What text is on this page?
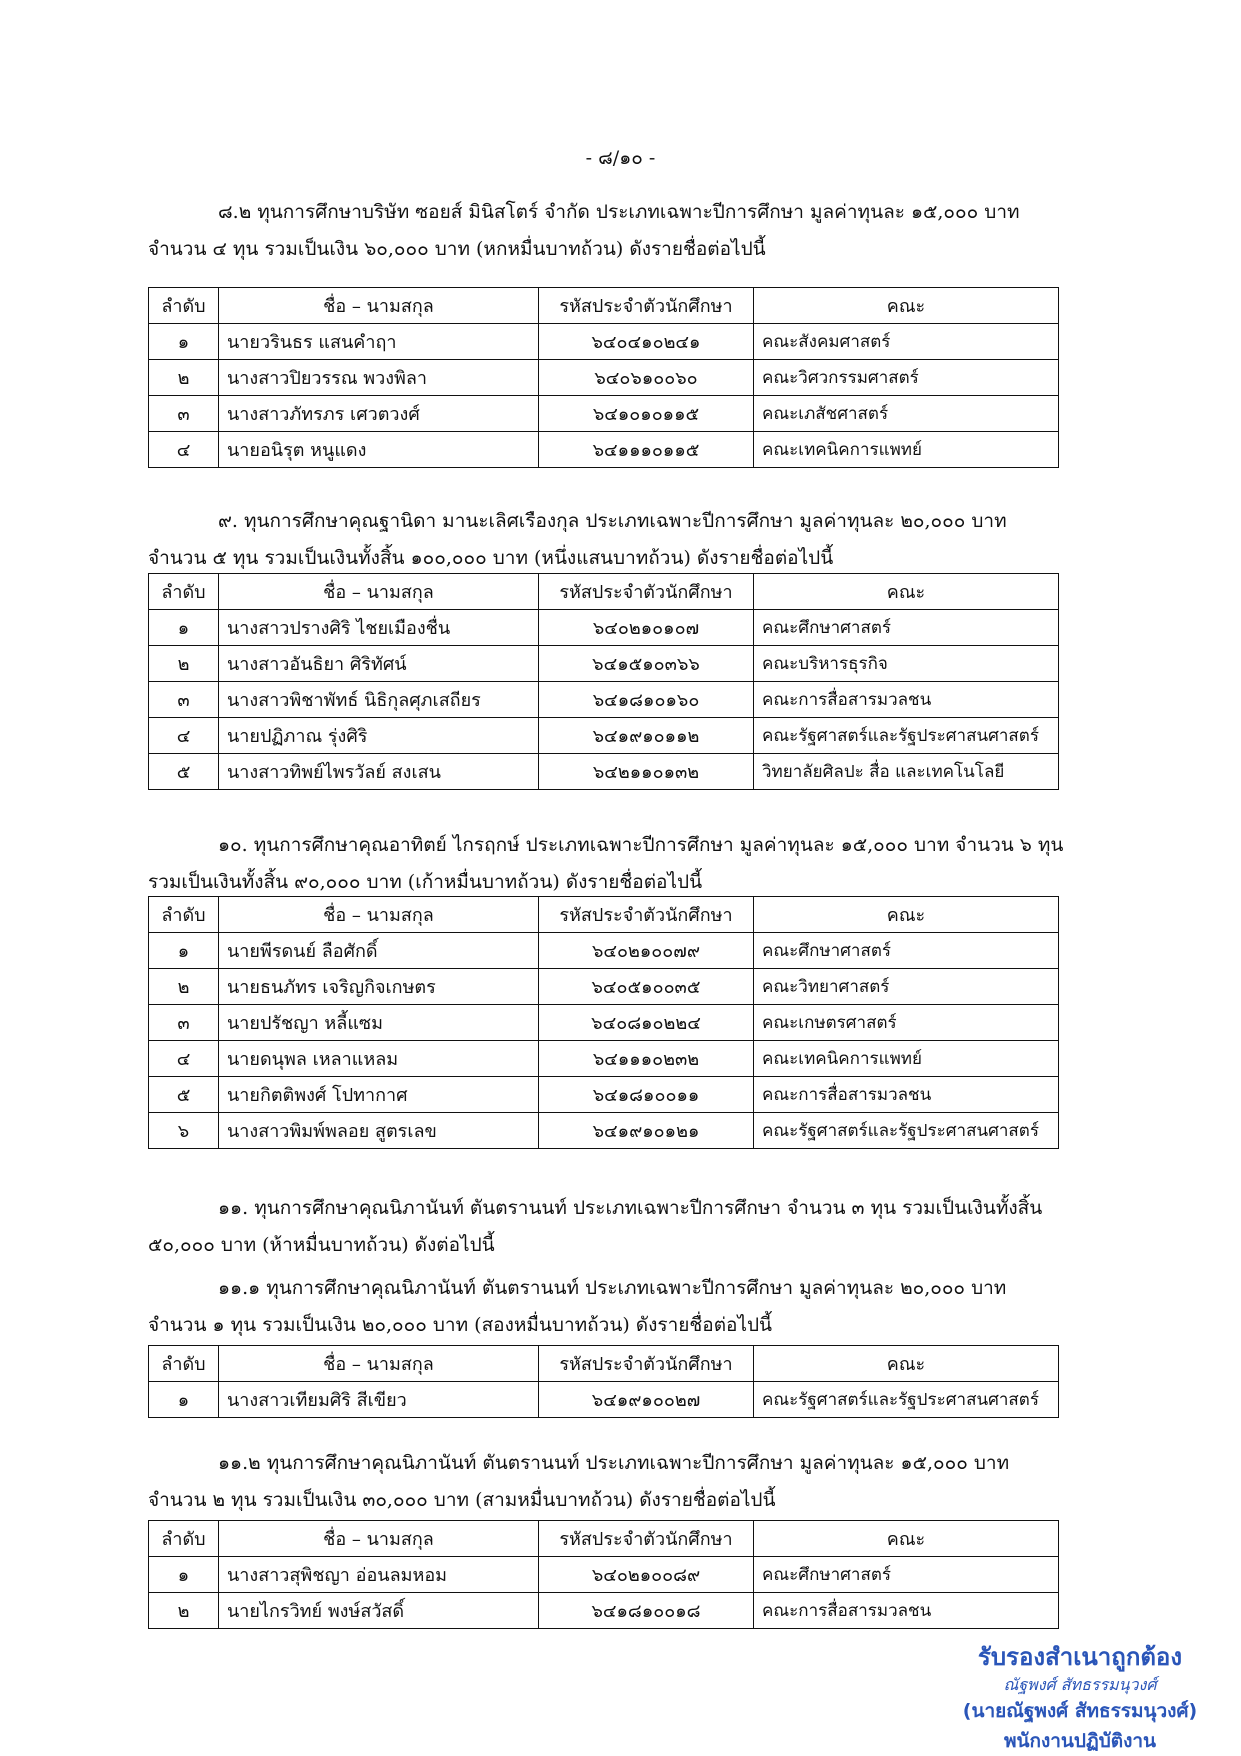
- ๘/๑๐ -

๘.๒ ทุนการศึกษาบริษัท ซอยส์ มินิสโตร์ จำกัด ประเภทเฉพาะปีการศึกษา มูลค่าทุนละ ๑๕,๐๐๐ บาท
จำนวน ๔ ทุน รวมเป็นเงิน ๖๐,๐๐๐ บาท (หกหมื่นบาทถ้วน) ดังรายชื่อต่อไปนี้

ลำดับ	ชื่อ – นามสกุล	รหัสประจำตัวนักศึกษา	คณะ
๑	นายวรินธร แสนคำฤา	๖๔๐๔๑๐๒๔๑	คณะสังคมศาสตร์
๒	นางสาวปิยวรรณ พวงพิลา	๖๔๐๖๑๐๐๖๐	คณะวิศวกรรมศาสตร์
๓	นางสาวภัทรภร เศวตวงศ์	๖๔๑๐๑๐๑๑๕	คณะเภสัชศาสตร์
๔	นายอนิรุต หนูแดง	๖๔๑๑๑๐๑๑๕	คณะเทคนิคการแพทย์

๙. ทุนการศึกษาคุณฐานิดา มานะเลิศเรืองกุล ประเภทเฉพาะปีการศึกษา มูลค่าทุนละ ๒๐,๐๐๐ บาท
จำนวน ๕ ทุน รวมเป็นเงินทั้งสิ้น ๑๐๐,๐๐๐ บาท (หนึ่งแสนบาทถ้วน) ดังรายชื่อต่อไปนี้

ลำดับ	ชื่อ – นามสกุล	รหัสประจำตัวนักศึกษา	คณะ
๑	นางสาวปรางศิริ ไชยเมืองชื่น	๖๔๐๒๑๐๑๐๗	คณะศึกษาศาสตร์
๒	นางสาวอันธิยา ศิริทัศน์	๖๔๑๕๑๐๓๖๖	คณะบริหารธุรกิจ
๓	นางสาวพิชาพัทธ์ นิธิกุลศุภเสถียร	๖๔๑๘๑๐๑๖๐	คณะการสื่อสารมวลชน
๔	นายปฏิภาณ รุ่งศิริ	๖๔๑๙๑๐๑๑๒	คณะรัฐศาสตร์และรัฐประศาสนศาสตร์
๕	นางสาวทิพย์ไพรวัลย์ สงเสน	๖๔๒๑๑๐๑๓๒	วิทยาลัยศิลปะ สื่อ และเทคโนโลยี

๑๐. ทุนการศึกษาคุณอาทิตย์ ไกรฤกษ์ ประเภทเฉพาะปีการศึกษา มูลค่าทุนละ ๑๕,๐๐๐ บาท จำนวน ๖ ทุน
รวมเป็นเงินทั้งสิ้น ๙๐,๐๐๐ บาท (เก้าหมื่นบาทถ้วน) ดังรายชื่อต่อไปนี้

ลำดับ	ชื่อ – นามสกุล	รหัสประจำตัวนักศึกษา	คณะ
๑	นายพีรดนย์ ลือศักดิ์	๖๔๐๒๑๐๐๗๙	คณะศึกษาศาสตร์
๒	นายธนภัทร เจริญกิจเกษตร	๖๔๐๕๑๐๐๓๕	คณะวิทยาศาสตร์
๓	นายปรัชญา หลี้แซม	๖๔๐๘๑๐๒๒๔	คณะเกษตรศาสตร์
๔	นายดนุพล เหลาแหลม	๖๔๑๑๑๐๒๓๒	คณะเทคนิคการแพทย์
๕	นายกิตติพงศ์ โปทากาศ	๖๔๑๘๑๐๐๑๑	คณะการสื่อสารมวลชน
๖	นางสาวพิมพ์พลอย สูตรเลข	๖๔๑๙๑๐๑๒๑	คณะรัฐศาสตร์และรัฐประศาสนศาสตร์

๑๑. ทุนการศึกษาคุณนิภานันท์ ตันตรานนท์ ประเภทเฉพาะปีการศึกษา จำนวน ๓ ทุน รวมเป็นเงินทั้งสิ้น
๕๐,๐๐๐ บาท (ห้าหมื่นบาทถ้วน) ดังต่อไปนี้

๑๑.๑ ทุนการศึกษาคุณนิภานันท์ ตันตรานนท์ ประเภทเฉพาะปีการศึกษา มูลค่าทุนละ ๒๐,๐๐๐ บาท
จำนวน ๑ ทุน รวมเป็นเงิน ๒๐,๐๐๐ บาท (สองหมื่นบาทถ้วน) ดังรายชื่อต่อไปนี้

ลำดับ	ชื่อ – นามสกุล	รหัสประจำตัวนักศึกษา	คณะ
๑	นางสาวเทียมศิริ สีเขียว	๖๔๑๙๑๐๐๒๗	คณะรัฐศาสตร์และรัฐประศาสนศาสตร์

๑๑.๒ ทุนการศึกษาคุณนิภานันท์ ตันตรานนท์ ประเภทเฉพาะปีการศึกษา มูลค่าทุนละ ๑๕,๐๐๐ บาท
จำนวน ๒ ทุน รวมเป็นเงิน ๓๐,๐๐๐ บาท (สามหมื่นบาทถ้วน) ดังรายชื่อต่อไปนี้

ลำดับ	ชื่อ – นามสกุล	รหัสประจำตัวนักศึกษา	คณะ
๑	นางสาวสุพิชญา อ่อนลมหอม	๖๔๐๒๑๐๐๘๙	คณะศึกษาศาสตร์
๒	นายไกรวิทย์ พงษ์สวัสดิ์	๖๔๑๘๑๐๐๑๘	คณะการสื่อสารมวลชน
รับรองสำเนาถูกต้อง
ณัฐพงศ์ สัทธรรมนุวงศ์
(นายณัฐพงศ์ สัทธรรมนุวงศ์)
พนักงานปฏิบัติงาน
